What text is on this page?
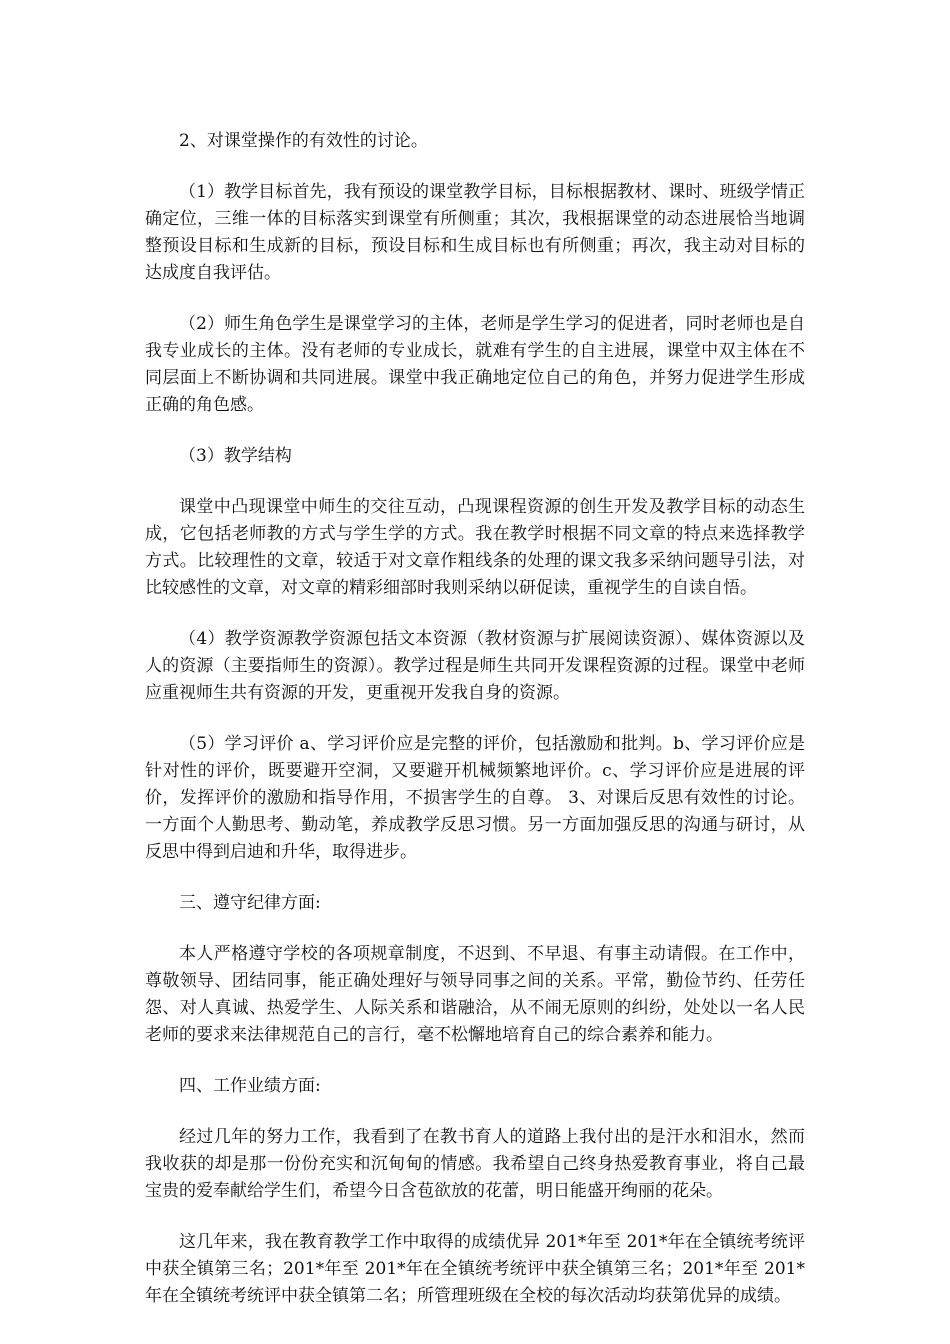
2、对课堂操作的有效性的讨论。

（1）教学目标首先，我有预设的课堂教学目标，目标根据教材、课时、班级学情正确定位，三维一体的目标落实到课堂有所侧重；其次，我根据课堂的动态进展恰当地调整预设目标和生成新的目标，预设目标和生成目标也有所侧重；再次，我主动对目标的达成度自我评估。

（2）师生角色学生是课堂学习的主体，老师是学生学习的促进者，同时老师也是自我专业成长的主体。没有老师的专业成长，就难有学生的自主进展，课堂中双主体在不同层面上不断协调和共同进展。课堂中我正确地定位自己的角色，并努力促进学生形成正确的角色感。

（3）教学结构

课堂中凸现课堂中师生的交往互动，凸现课程资源的创生开发及教学目标的动态生成，它包括老师教的方式与学生学的方式。我在教学时根据不同文章的特点来选择教学方式。比较理性的文章，较适于对文章作粗线条的处理的课文我多采纳问题导引法，对比较感性的文章，对文章的精彩细部时我则采纳以研促读，重视学生的自读自悟。

（4）教学资源教学资源包括文本资源（教材资源与扩展阅读资源）、媒体资源以及人的资源（主要指师生的资源）。教学过程是师生共同开发课程资源的过程。课堂中老师应重视师生共有资源的开发，更重视开发我自身的资源。

（5）学习评价 a、学习评价应是完整的评价，包括激励和批判。b、学习评价应是针对性的评价，既要避开空洞，又要避开机械频繁地评价。c、学习评价应是进展的评价，发挥评价的激励和指导作用，不损害学生的自尊。 3、对课后反思有效性的讨论。一方面个人勤思考、勤动笔，养成教学反思习惯。另一方面加强反思的沟通与研讨，从反思中得到启迪和升华，取得进步。

三、遵守纪律方面:

本人严格遵守学校的各项规章制度，不迟到、不早退、有事主动请假。在工作中，尊敬领导、团结同事，能正确处理好与领导同事之间的关系。平常，勤俭节约、任劳任怨、对人真诚、热爱学生、人际关系和谐融洽，从不闹无原则的纠纷，处处以一名人民老师的要求来法律规范自己的言行，毫不松懈地培育自己的综合素养和能力。

四、工作业绩方面:

经过几年的努力工作，我看到了在教书育人的道路上我付出的是汗水和泪水，然而我收获的却是那一份份充实和沉甸甸的情感。我希望自己终身热爱教育事业，将自己最宝贵的爱奉献给学生们，希望今日含苞欲放的花蕾，明日能盛开绚丽的花朵。

这几年来，我在教育教学工作中取得的成绩优异 201*年至 201*年在全镇统考统评中获全镇第三名；201*年至 201*年在全镇统考统评中获全镇第三名；201*年至 201*年在全镇统考统评中获全镇第二名；所管理班级在全校的每次活动均获第优异的成绩。
